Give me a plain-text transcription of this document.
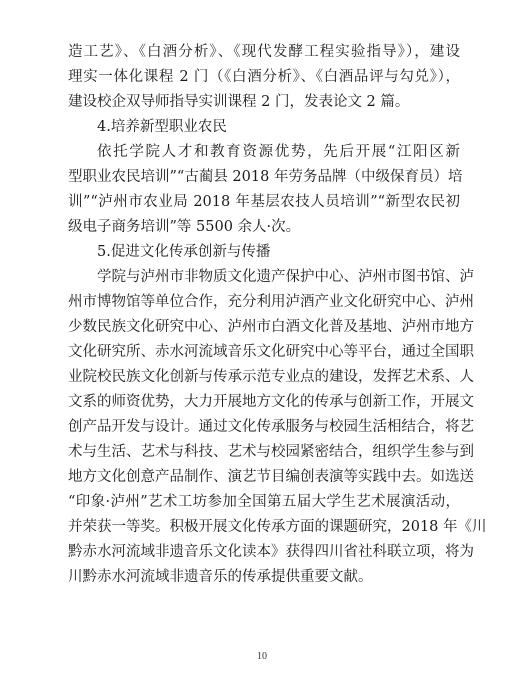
造工艺》、《白酒分析》、《现代发酵工程实验指导》），建设
理实一体化课程 2 门（《白酒分析》、《白酒品评与勾兑》），
建设校企双导师指导实训课程 2 门，发表论文 2 篇。
4.培养新型职业农民
依托学院人才和教育资源优势，先后开展“江阳区新
型职业农民培训”“古蔺县 2018 年劳务品牌（中级保育员）培
训”“泸州市农业局 2018 年基层农技人员培训”“新型农民初
级电子商务培训”等 5500 余人·次。
5.促进文化传承创新与传播
学院与泸州市非物质文化遗产保护中心、泸州市图书馆、泸
州市博物馆等单位合作，充分利用泸酒产业文化研究中心、泸州
少数民族文化研究中心、泸州市白酒文化普及基地、泸州市地方
文化研究所、赤水河流域音乐文化研究中心等平台，通过全国职
业院校民族文化创新与传承示范专业点的建设，发挥艺术系、人
文系的师资优势，大力开展地方文化的传承与创新工作，开展文
创产品开发与设计。通过文化传承服务与校园生活相结合，将艺
术与生活、艺术与科技、艺术与校园紧密结合，组织学生参与到
地方文化创意产品制作、演艺节目编创表演等实践中去。如选送
“印象·泸州”艺术工坊参加全国第五届大学生艺术展演活动，
并荣获一等奖。积极开展文化传承方面的课题研究，2018 年《川
黔赤水河流域非遗音乐文化读本》获得四川省社科联立项，将为
川黔赤水河流域非遗音乐的传承提供重要文献。
10
